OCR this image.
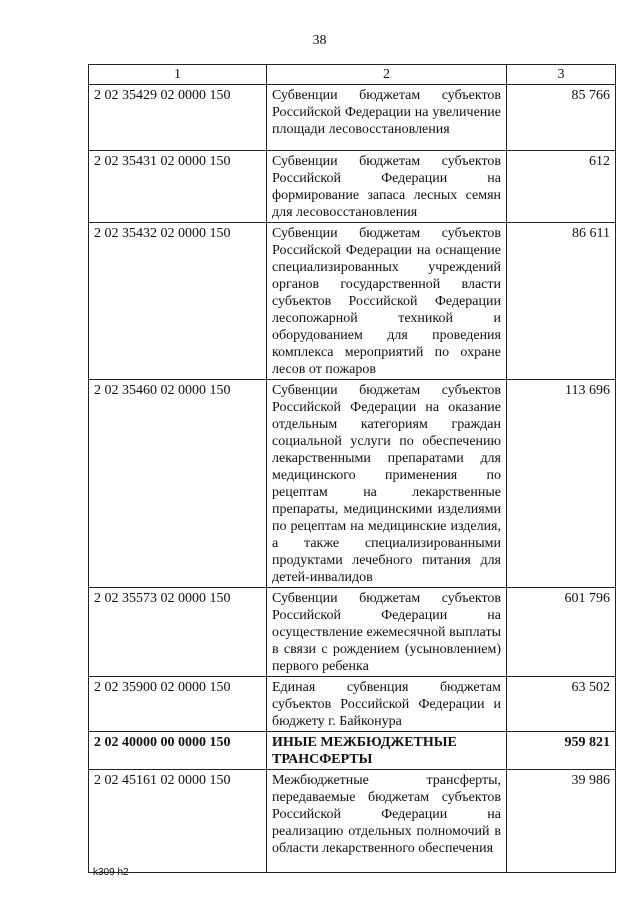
38
1	2	3
2 02 35429 02 0000 150	Субвенции бюджетам субъектов Российской Федерации на увеличение площади лесовосстановления	85 766
2 02 35431 02 0000 150	Субвенции бюджетам субъектов Российской Федерации на формирование запаса лесных семян для лесовосстановления	612
2 02 35432 02 0000 150	Субвенции бюджетам субъектов Российской Федерации на оснащение специализированных учреждений органов государственной власти субъектов Российской Федерации лесопожарной техникой и оборудованием для проведения комплекса мероприятий по охране лесов от пожаров	86 611
2 02 35460 02 0000 150	Субвенции бюджетам субъектов Российской Федерации на оказание отдельным категориям граждан социальной услуги по обеспечению лекарственными препаратами для медицинского применения по рецептам на лекарственные препараты, медицинскими изделиями по рецептам на медицинские изделия, а также специализированными продуктами лечебного питания для детей-инвалидов	113 696
2 02 35573 02 0000 150	Субвенции бюджетам субъектов Российской Федерации на осуществление ежемесячной выплаты в связи с рождением (усыновлением) первого ребенка	601 796
2 02 35900 02 0000 150	Единая субвенция бюджетам субъектов Российской Федерации и бюджету г. Байконура	63 502
2 02 40000 00 0000 150	ИНЫЕ МЕЖБЮДЖЕТНЫЕ ТРАНСФЕРТЫ	959 821
2 02 45161 02 0000 150	Межбюджетные трансферты, передаваемые бюджетам субъектов Российской Федерации на реализацию отдельных полномочий в области лекарственного обеспечения	39 986
k309 h2
